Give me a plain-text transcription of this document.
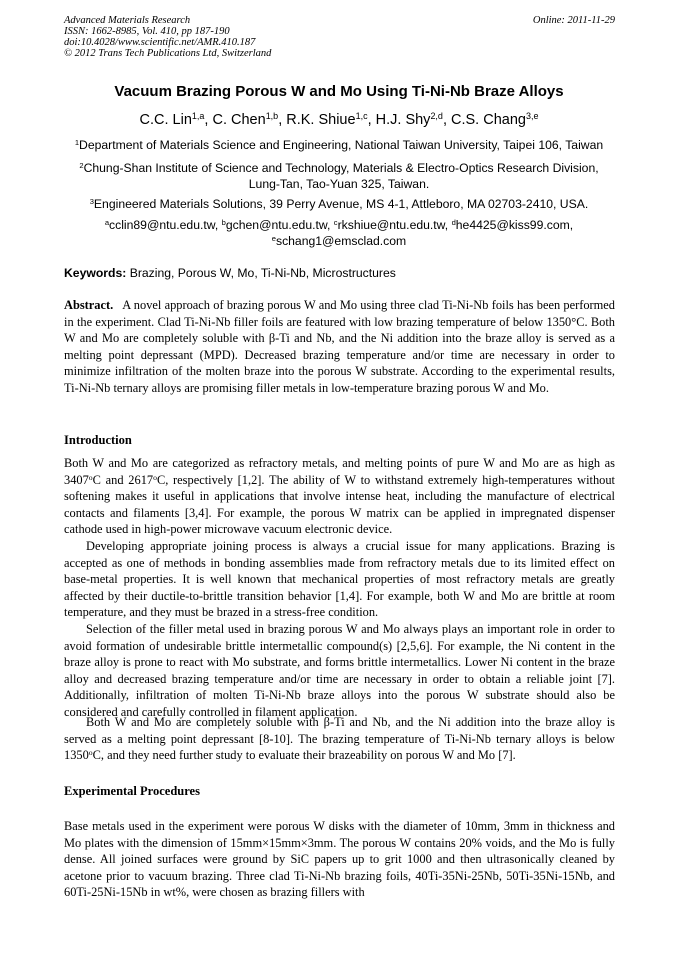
Advanced Materials Research
ISSN: 1662-8985, Vol. 410, pp 187-190
doi:10.4028/www.scientific.net/AMR.410.187
© 2012 Trans Tech Publications Ltd, Switzerland
Online: 2011-11-29
Vacuum Brazing Porous W and Mo Using Ti-Ni-Nb Braze Alloys
C.C. Lin$^{1,a}$, C. Chen$^{1,b}$, R.K. Shiue$^{1,c}$, H.J. Shy$^{2,d}$, C.S. Chang$^{3,e}$
$^1$Department of Materials Science and Engineering, National Taiwan University, Taipei 106, Taiwan
$^2$Chung-Shan Institute of Science and Technology, Materials & Electro-Optics Research Division,
Lung-Tan, Tao-Yuan 325, Taiwan.
$^3$Engineered Materials Solutions, 39 Perry Avenue, MS 4-1, Attleboro, MA 02703-2410, USA.
$^a$cclin89@ntu.edu.tw, $^b$gchen@ntu.edu.tw, $^c$rkshiue@ntu.edu.tw, $^d$he4425@kiss99.com,
$^e$schang1@emsclad.com
Keywords: Brazing, Porous W, Mo, Ti-Ni-Nb, Microstructures
Abstract. A novel approach of brazing porous W and Mo using three clad Ti-Ni-Nb foils has been performed in the experiment. Clad Ti-Ni-Nb filler foils are featured with low brazing temperature of below 1350°C. Both W and Mo are completely soluble with β-Ti and Nb, and the Ni addition into the braze alloy is served as a melting point depressant (MPD). Decreased brazing temperature and/or time are necessary in order to minimize infiltration of the molten braze into the porous W substrate. According to the experimental results, Ti-Ni-Nb ternary alloys are promising filler metals in low-temperature brazing porous W and Mo.
Introduction
Both W and Mo are categorized as refractory metals, and melting points of pure W and Mo are as high as 3407$^o$C and 2617$^o$C, respectively [1,2]. The ability of W to withstand extremely high-temperatures without softening makes it useful in applications that involve intense heat, including the manufacture of electrical contacts and filaments [3,4]. For example, the porous W matrix can be applied in impregnated dispenser cathode used in high-power microwave vacuum electronic device.
Developing appropriate joining process is always a crucial issue for many applications. Brazing is accepted as one of methods in bonding assemblies made from refractory metals due to its limited effect on base-metal properties. It is well known that mechanical properties of most refractory metals are greatly affected by their ductile-to-brittle transition behavior [1,4]. For example, both W and Mo are brittle at room temperature, and they must be brazed in a stress-free condition.
Selection of the filler metal used in brazing porous W and Mo always plays an important role in order to avoid formation of undesirable brittle intermetallic compound(s) [2,5,6]. For example, the Ni content in the braze alloy is prone to react with Mo substrate, and forms brittle intermetallics. Lower Ni content in the braze alloy and decreased brazing temperature and/or time are necessary in order to obtain a reliable joint [7]. Additionally, infiltration of molten Ti-Ni-Nb braze alloys into the porous W substrate should also be considered and carefully controlled in filament application.
Both W and Mo are completely soluble with β-Ti and Nb, and the Ni addition into the braze alloy is served as a melting point depressant [8-10]. The brazing temperature of Ti-Ni-Nb ternary alloys is below 1350$^o$C, and they need further study to evaluate their brazeability on porous W and Mo [7].
Experimental Procedures
Base metals used in the experiment were porous W disks with the diameter of 10mm, 3mm in thickness and Mo plates with the dimension of 15mm×15mm×3mm. The porous W contains 20% voids, and the Mo is fully dense. All joined surfaces were ground by SiC papers up to grit 1000 and then ultrasonically cleaned by acetone prior to vacuum brazing. Three clad Ti-Ni-Nb brazing foils, 40Ti-35Ni-25Nb, 50Ti-35Ni-15Nb, and 60Ti-25Ni-15Nb in wt%, were chosen as brazing fillers with
